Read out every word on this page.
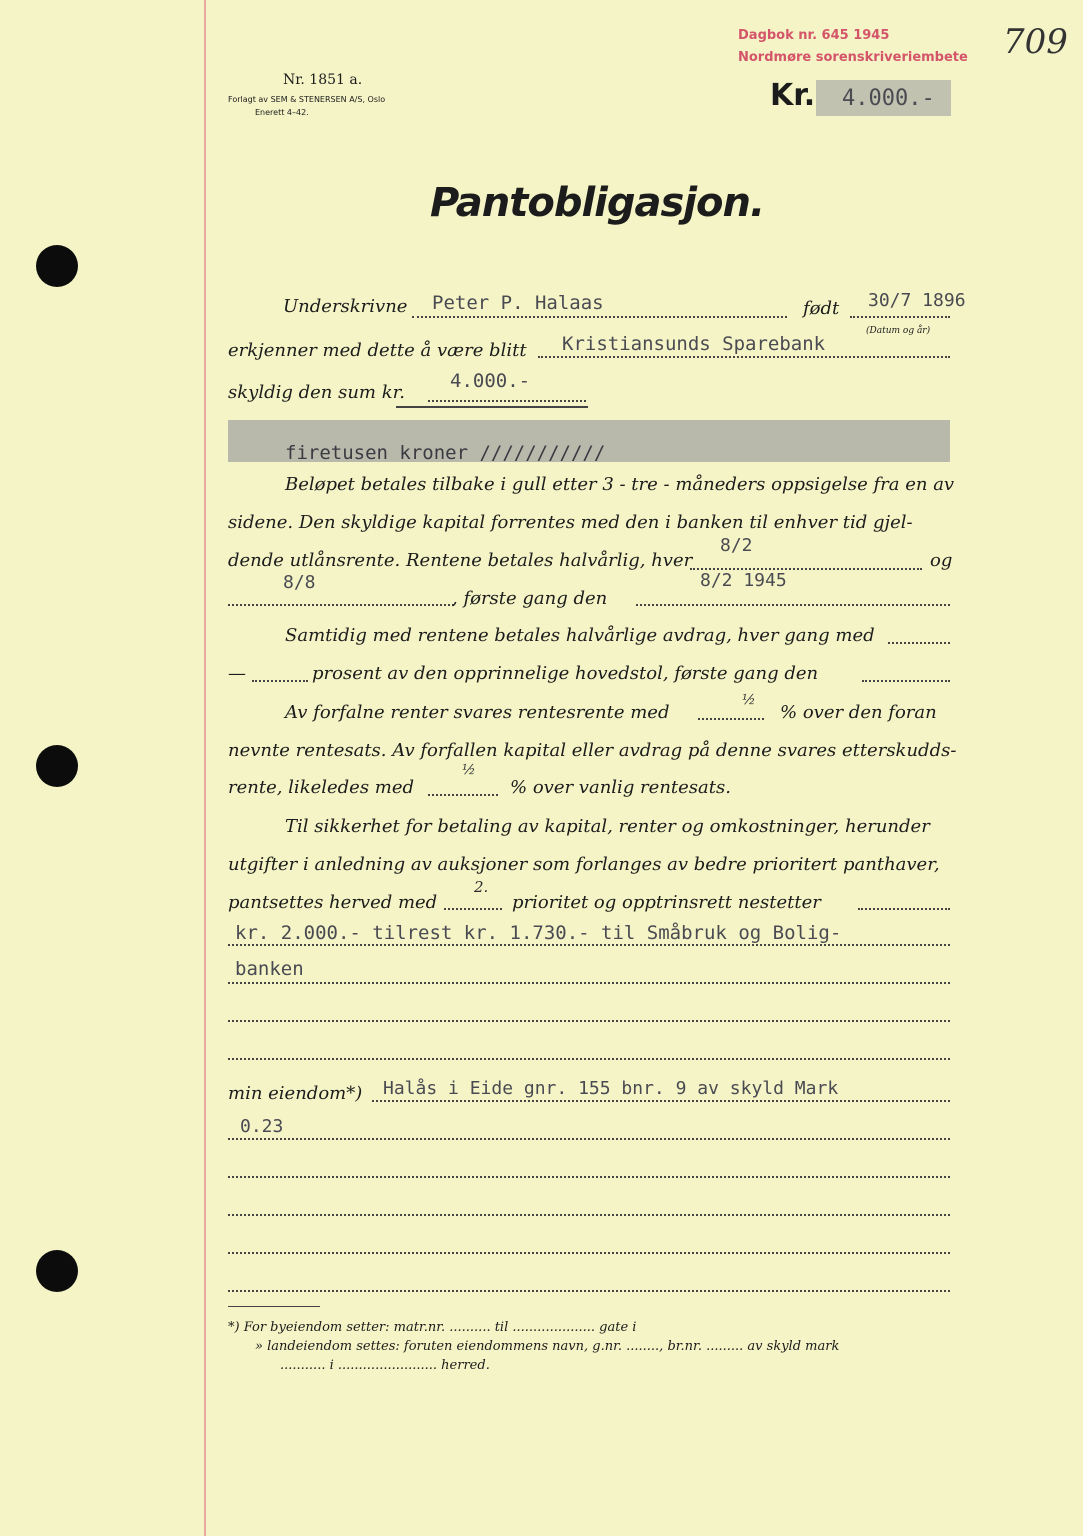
Dagbok nr. 645 1945
Nordmøre sorenskriveriembete 709
Nr. 1851 a.
Forlagt av SEM & STENERSEN A/S, Oslo
Enerett 4–42.	Kr. 4.000.-
Pantobligasjon.
Underskrivne Peter P. Halaas	født 30/7 1896
(Datum og år)
erkjenner med dette å være blitt Kristiansunds Sparebank
skyldig den sum kr.
4.000.-
firetusen kroner ///////////
Beløpet betales tilbake i gull etter 3 - tre - måneders oppsigelse fra en av
sidene. Den skyldige kapital forrentes med den i banken til enhver tid gjel-
dende utlånsrente. Rentene betales halvårlig, hver
8/2
og
8/8
, første gang den
8/2 1945
Samtidig med rentene betales halvårlige avdrag, hver gang med
—	prosent av den opprinnelige hovedstol, første gang den
Av forfalne renter svares rentesrente med
½
% over den foran
nevnte rentesats. Av forfallen kapital eller avdrag på denne svares etterskudds-
rente, likeledes med
½
% over vanlig rentesats.
Til sikkerhet for betaling av kapital, renter og omkostninger, herunder
utgifter i anledning av auksjoner som forlanges av bedre prioritert panthaver,
pantsettes herved med
2.
prioritet og opptrinsrett nestetter
kr. 2.000.- tilrest kr. 1.730.- til Småbruk og Bolig-
banken
min eiendom*) Halås i Eide gnr. 155 bnr. 9 av skyld Mark
0.23
*) For byeiendom setter: matr.nr. .......... til .................... gate i
» landeiendom settes: foruten eiendommens navn, g.nr. ........, br.nr. ......... av skyld mark
........... i ........................ herred.
